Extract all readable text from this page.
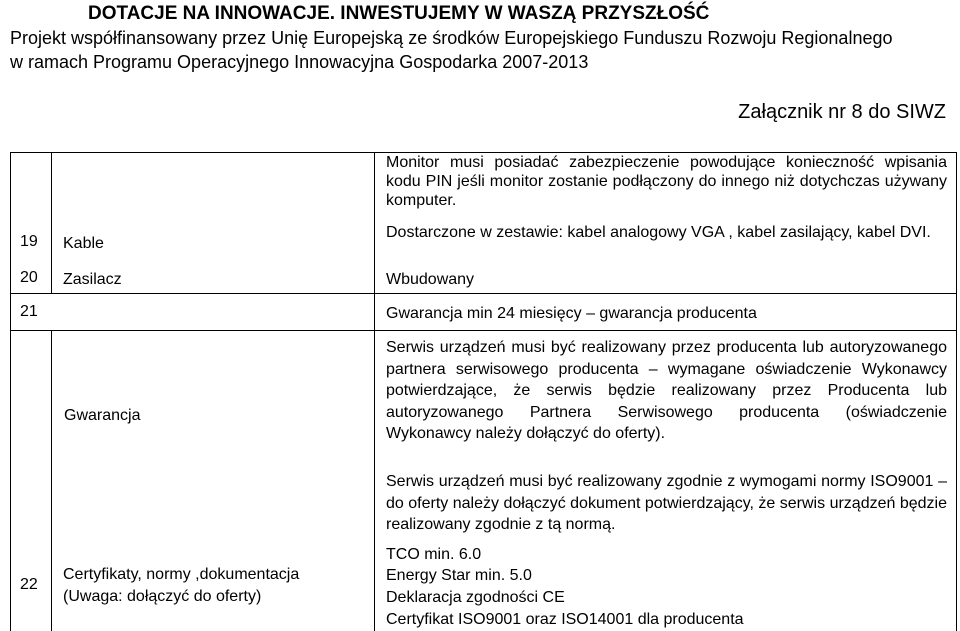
DOTACJE NA INNOWACJE. INWESTUJEMY W WASZĄ PRZYSZŁOŚĆ
Projekt współfinansowany przez Unię Europejską ze środków Europejskiego Funduszu Rozwoju Regionalnego
w ramach Programu Operacyjnego Innowacyjna Gospodarka 2007-2013
Załącznik nr 8 do SIWZ
Monitor musi posiadać zabezpieczenie powodujące konieczność wpisania kodu PIN jeśli monitor zostanie podłączony do innego niż dotychczas używany komputer.
19 Kable
Dostarczone w zestawie: kabel analogowy VGA , kabel zasilający, kabel DVI.
20 Zasilacz	Wbudowany
21	Gwarancja min 24 miesięcy – gwarancja producenta
Gwarancja
Serwis urządzeń musi być realizowany przez producenta lub autoryzowanego partnera serwisowego producenta – wymagane oświadczenie Wykonawcy potwierdzające, że serwis będzie realizowany przez Producenta lub autoryzowanego Partnera Serwisowego producenta (oświadczenie Wykonawcy należy dołączyć do oferty).
Serwis urządzeń musi być realizowany zgodnie z wymogami normy ISO9001 – do oferty należy dołączyć dokument potwierdzający, że serwis urządzeń będzie realizowany zgodnie z tą normą.
22
Certyfikaty, normy ,dokumentacja
(Uwaga: dołączyć do oferty)
TCO min. 6.0
Energy Star min. 5.0
Deklaracja zgodności CE
Certyfikat ISO9001 oraz ISO14001 dla producenta
